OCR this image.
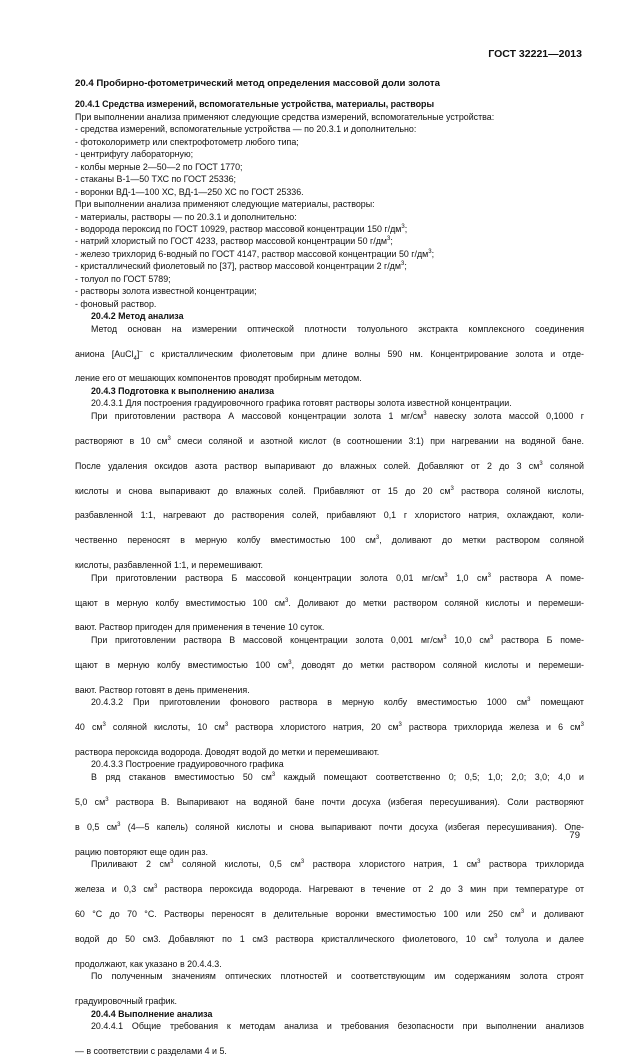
ГОСТ 32221—2013

20.4 Пробирно-фотометрический метод определения массовой доли золота

20.4.1 Средства измерений, вспомогательные устройства, материалы, растворы

При выполнении анализа применяют следующие средства измерений, вспомогательные устройства:

- средства измерений, вспомогательные устройства — по 20.3.1 и дополнительно:

- фотоколориметр или спектрофотометр любого типа;

- центрифугу лабораторную;

- колбы мерные 2—50—2 по ГОСТ 1770;

- стаканы В-1—50 ТХС по ГОСТ 25336;

- воронки ВД-1—100 ХС, ВД-1—250 ХС по ГОСТ 25336.

При выполнении анализа применяют следующие материалы, растворы:

- материалы, растворы — по 20.3.1 и дополнительно:

- водорода пероксид по ГОСТ 10929, раствор массовой концентрации 150 $г/дм^3$;

- натрий хлористый по ГОСТ 4233, раствор массовой концентрации 50 $г/дм^3$;

- железо трихлорид 6-водный по ГОСТ 4147, раствор массовой концентрации 50 $г/дм^3$;

- кристаллический фиолетовый по [37], раствор массовой концентрации 2 $г/дм^3$;

- толуол по ГОСТ 5789;

- растворы золота известной концентрации;

- фоновый раствор.

20.4.2 Метод анализа

Метод основан на измерении оптической плотности толуольного экстракта комплексного соединения

аниона [AuCl$_4$]– с кристаллическим фиолетовым при длине волны 590 нм. Концентрирование золота и отде-

ление его от мешающих компонентов проводят пробирным методом.

20.4.3 Подготовка к выполнению анализа

20.4.3.1 Для построения градуировочного графика готовят растворы золота известной концентрации.

При приготовлении раствора А массовой концентрации золота 1 $мг/см^3$ навеску золота массой 0,1000 г

растворяют в 10 $см^3$ смеси соляной и азотной кислот (в соотношении 3:1) при нагревании на водяной бане.

После удаления оксидов азота раствор выпаривают до влажных солей. Добавляют от 2 до 3 $см^3$ соляной

кислоты и снова выпаривают до влажных солей. Прибавляют от 15 до 20 $см^3$ раствора соляной кислоты,

разбавленной 1:1, нагревают до растворения солей, прибавляют 0,1 г хлористого натрия, охлаждают, коли-

чественно переносят в мерную колбу вместимостью 100 $см^3$, доливают до метки раствором соляной

кислоты, разбавленной 1:1, и перемешивают.

При приготовлении раствора Б массовой концентрации золота 0,01 $мг/см^3$ 1,0 $см^3$ раствора А поме-

щают в мерную колбу вместимостью 100 $см^3$. Доливают до метки раствором соляной кислоты и перемеши-

вают. Раствор пригоден для применения в течение 10 суток.

При приготовлении раствора В массовой концентрации золота 0,001 $мг/см^3$ 10,0 $см^3$ раствора Б поме-

щают в мерную колбу вместимостью 100 $см^3$, доводят до метки раствором соляной кислоты и перемеши-

вают. Раствор готовят в день применения.

20.4.3.2 При приготовлении фонового раствора в мерную колбу вместимостью 1000 $см^3$ помещают

40 $см^3$ соляной кислоты, 10 $см^3$ раствора хлористого натрия, 20 $см^3$ раствора трихлорида железа и 6 $см^3$

раствора пероксида водорода. Доводят водой до метки и перемешивают.

20.4.3.3 Построение градуировочного графика

В ряд стаканов вместимостью 50 $см^3$ каждый помещают соответственно 0; 0,5; 1,0; 2,0; 3,0; 4,0 и

5,0 $см^3$ раствора В. Выпаривают на водяной бане почти досуха (избегая пересушивания). Соли растворяют

в 0,5 $см^3$ (4—5 капель) соляной кислоты и снова выпаривают почти досуха (избегая пересушивания). Опе-

рацию повторяют еще один раз.

Приливают 2 $см^3$ соляной кислоты, 0,5 $см^3$ раствора хлористого натрия, 1 $см^3$ раствора трихлорида

железа и 0,3 $см^3$ раствора пероксида водорода. Нагревают в течение от 2 до 3 мин при температуре от

60 °С до 70 °С. Растворы переносят в делительные воронки вместимостью 100 или 250 $см^3$ и доливают

водой до 50 см3. Добавляют по 1 см3 раствора кристаллического фиолетового, 10 $см^3$ толуола и далее

продолжают, как указано в 20.4.4.3.

По полученным значениям оптических плотностей и соответствующим им содержаниям золота строят

градуировочный график.

20.4.4 Выполнение анализа

20.4.4.1 Общие требования к методам анализа и требования безопасности при выполнении анализов

— в соответствии с разделами 4 и 5.

79
